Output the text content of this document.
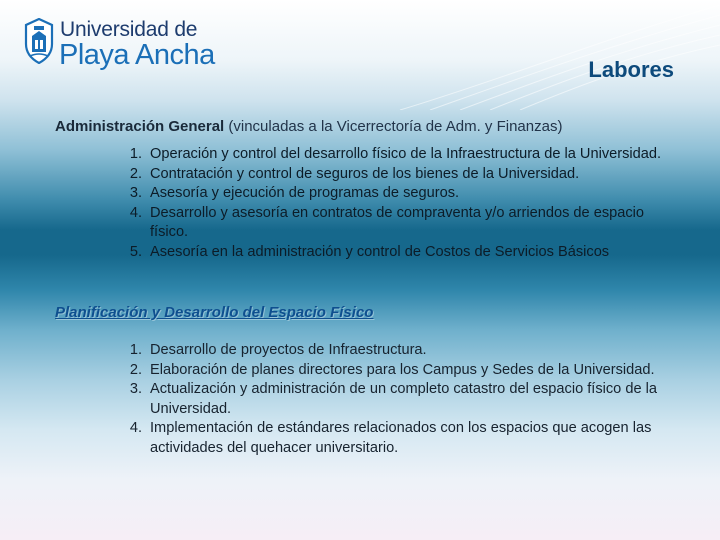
Universidad de
Playa Ancha	Labores
Administración General (vinculadas a la Vicerrectoría de Adm. y Finanzas)
1. Operación y control del desarrollo físico de la Infraestructura de la Universidad.
2. Contratación y control de seguros de los bienes de la Universidad.
3. Asesoría y ejecución de programas de seguros.
4. Desarrollo y asesoría en contratos de compraventa y/o arriendos de espacio físico.
5. Asesoría en la administración y control de Costos de Servicios Básicos
Planificación y Desarrollo del Espacio Físico
1. Desarrollo de proyectos de Infraestructura.
2. Elaboración de planes directores para los Campus y Sedes de la Universidad.
3. Actualización y administración de un completo catastro del espacio físico de la Universidad.
4. Implementación de estándares relacionados con los espacios que acogen las actividades del quehacer universitario.
